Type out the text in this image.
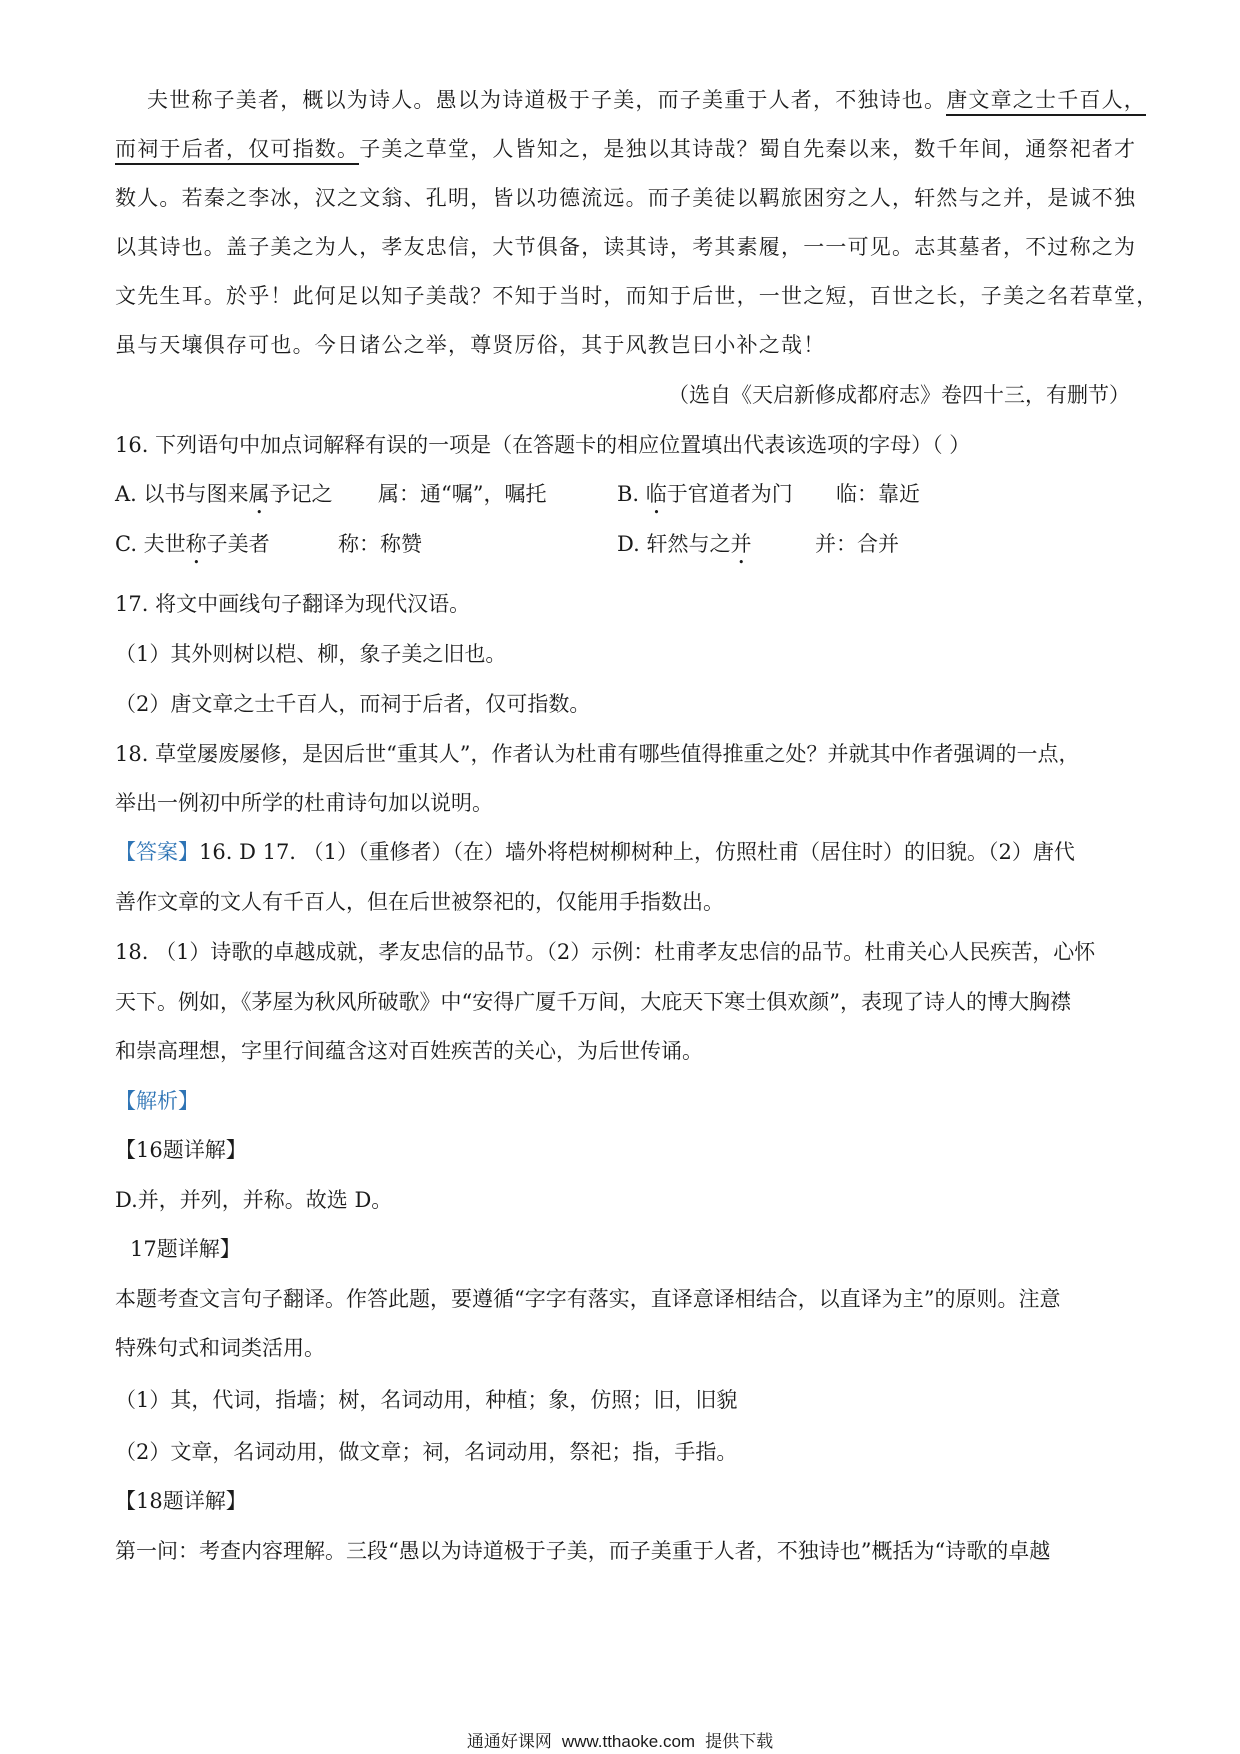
夫世称子美者，概以为诗人。愚以为诗道极于子美，而子美重于人者，不独诗也。唐文章之士千百人，
而祠于后者，仅可指数。子美之草堂，人皆知之，是独以其诗哉？蜀自先秦以来，数千年间，通祭祀者才
数人。若秦之李冰，汉之文翁、孔明，皆以功德流远。而子美徒以羁旅困穷之人，轩然与之并，是诚不独
以其诗也。盖子美之为人，孝友忠信，大节俱备，读其诗，考其素履，一一可见。志其墓者，不过称之为
文先生耳。於乎！此何足以知子美哉？不知于当时，而知于后世，一世之短，百世之长，子美之名若草堂，
虽与天壤俱存可也。今日诸公之举，尊贤厉俗，其于风教岂曰小补之哉！
（选自《天启新修成都府志》卷四十三，有删节）
16. 下列语句中加点词解释有误的一项是（在答题卡的相应位置填出代表该选项的字母）（ ）
A. 以书与图来属予记之 属：通“嘱”，嘱托	B. 临于官道者为门 临：靠近
C. 夫世称子美者	称：称赞	D. 轩然与之并	并：合并
17. 将文中画线句子翻译为现代汉语。
（1）其外则树以桤、柳，象子美之旧也。
（2）唐文章之士千百人，而祠于后者，仅可指数。
18. 草堂屡废屡修，是因后世“重其人”，作者认为杜甫有哪些值得推重之处？并就其中作者强调的一点，
举出一例初中所学的杜甫诗句加以说明。
【答案】16. D 17. （1）（重修者）（在）墙外将桤树柳树种上，仿照杜甫（居住时）的旧貌。（2）唐代
善作文章的文人有千百人，但在后世被祭祀的，仅能用手指数出。
18. （1）诗歌的卓越成就，孝友忠信的品节。（2）示例：杜甫孝友忠信的品节。杜甫关心人民疾苦，心怀
天下。例如，《茅屋为秋风所破歌》中“安得广厦千万间，大庇天下寒士俱欢颜”，表现了诗人的博大胸襟
和崇高理想，字里行间蕴含这对百姓疾苦的关心，为后世传诵。
【解析】
【16题详解】
D.并，并列，并称。故选 D。
17题详解】
本题考查文言句子翻译。作答此题，要遵循“字字有落实，直译意译相结合，以直译为主”的原则。注意
特殊句式和词类活用。
（1）其，代词，指墙；树，名词动用，种植；象，仿照；旧，旧貌
（2）文章，名词动用，做文章；祠，名词动用，祭祀；指，手指。
【18题详解】
第一问：考查内容理解。三段“愚以为诗道极于子美，而子美重于人者，不独诗也”概括为“诗歌的卓越
通通好课网 www.tthaoke.com 提供下载
